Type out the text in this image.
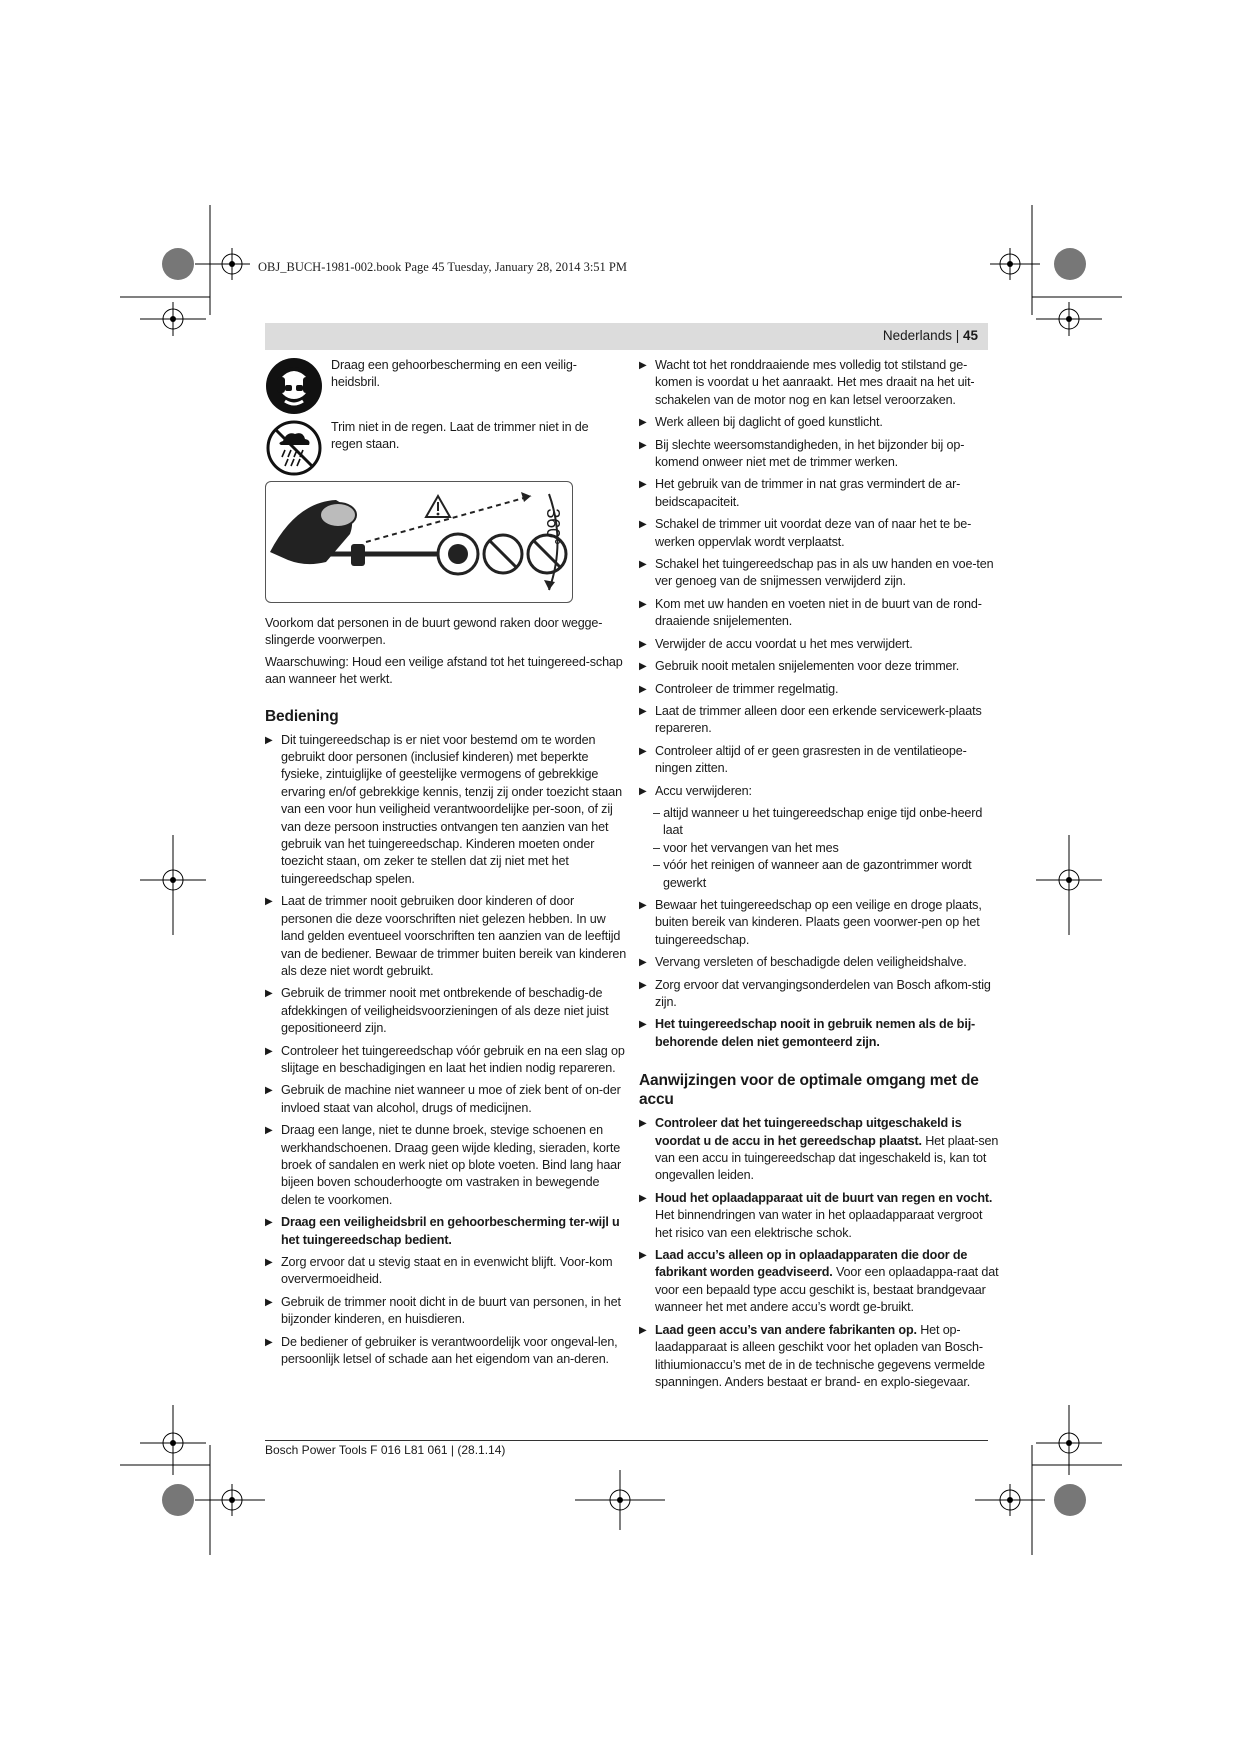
OBJ_BUCH-1981-002.book Page 45 Tuesday, January 28, 2014 3:51 PM
Nederlands | 45
Draag een gehoorbescherming en een veilig-heidsbril.
Trim niet in de regen. Laat de trimmer niet in de regen staan.
360°
Voorkom dat personen in de buurt gewond raken door wegge-slingerde voorwerpen.
Waarschuwing: Houd een veilige afstand tot het tuingereed-schap aan wanneer het werkt.
Bediening
▶ Dit tuingereedschap is er niet voor bestemd om te worden gebruikt door personen (inclusief kinderen) met beperkte fysieke, zintuiglijke of geestelijke vermogens of gebrekkige ervaring en/of gebrekkige kennis, tenzij zij onder toezicht staan van een voor hun veiligheid verantwoordelijke per-soon, of zij van deze persoon instructies ontvangen ten aanzien van het gebruik van het tuingereedschap. Kinderen moeten onder toezicht staan, om zeker te stellen dat zij niet met het tuingereedschap spelen.
▶ Laat de trimmer nooit gebruiken door kinderen of door personen die deze voorschriften niet gelezen hebben. In uw land gelden eventueel voorschriften ten aanzien van de leeftijd van de bediener. Bewaar de trimmer buiten bereik van kinderen als deze niet wordt gebruikt.
▶ Gebruik de trimmer nooit met ontbrekende of beschadig-de afdekkingen of veiligheidsvoorzieningen of als deze niet juist gepositioneerd zijn.
▶ Controleer het tuingereedschap vóór gebruik en na een slag op slijtage en beschadigingen en laat het indien nodig repareren.
▶ Gebruik de machine niet wanneer u moe of ziek bent of on-der invloed staat van alcohol, drugs of medicijnen.
▶ Draag een lange, niet te dunne broek, stevige schoenen en werkhandschoenen. Draag geen wijde kleding, sieraden, korte broek of sandalen en werk niet op blote voeten. Bind lang haar bijeen boven schouderhoogte om vastraken in bewegende delen te voorkomen.
▶ Draag een veiligheidsbril en gehoorbescherming ter-wijl u het tuingereedschap bedient.
▶ Zorg ervoor dat u stevig staat en in evenwicht blijft. Voor-kom oververmoeidheid.
▶ Gebruik de trimmer nooit dicht in de buurt van personen, in het bijzonder kinderen, en huisdieren.
▶ De bediener of gebruiker is verantwoordelijk voor ongeval-len, persoonlijk letsel of schade aan het eigendom van an-deren.
▶ Wacht tot het ronddraaiende mes volledig tot stilstand ge-komen is voordat u het aanraakt. Het mes draait na het uit-schakelen van de motor nog en kan letsel veroorzaken.
▶ Werk alleen bij daglicht of goed kunstlicht.
▶ Bij slechte weersomstandigheden, in het bijzonder bij op-komend onweer niet met de trimmer werken.
▶ Het gebruik van de trimmer in nat gras vermindert de ar-beidscapaciteit.
▶ Schakel de trimmer uit voordat deze van of naar het te be-werken oppervlak wordt verplaatst.
▶ Schakel het tuingereedschap pas in als uw handen en voe-ten ver genoeg van de snijmessen verwijderd zijn.
▶ Kom met uw handen en voeten niet in de buurt van de rond-draaiende snijelementen.
▶ Verwijder de accu voordat u het mes verwijdert.
▶ Gebruik nooit metalen snijelementen voor deze trimmer.
▶ Controleer de trimmer regelmatig.
▶ Laat de trimmer alleen door een erkende servicewerk-plaats repareren.
▶ Controleer altijd of er geen grasresten in de ventilatieope-ningen zitten.
▶ Accu verwijderen:
– altijd wanneer u het tuingereedschap enige tijd onbe-heerd laat
– voor het vervangen van het mes
– vóór het reinigen of wanneer aan de gazontrimmer wordt gewerkt
▶ Bewaar het tuingereedschap op een veilige en droge plaats, buiten bereik van kinderen. Plaats geen voorwer-pen op het tuingereedschap.
▶ Vervang versleten of beschadigde delen veiligheidshalve.
▶ Zorg ervoor dat vervangingsonderdelen van Bosch afkom-stig zijn.
▶ Het tuingereedschap nooit in gebruik nemen als de bij-behorende delen niet gemonteerd zijn.
Aanwijzingen voor de optimale omgang met de accu
▶ Controleer dat het tuingereedschap uitgeschakeld is voordat u de accu in het gereedschap plaatst. Het plaat-sen van een accu in tuingereedschap dat ingeschakeld is, kan tot ongevallen leiden.
▶ Houd het oplaadapparaat uit de buurt van regen en vocht. Het binnendringen van water in het oplaadapparaat vergroot het risico van een elektrische schok.
▶ Laad accu’s alleen op in oplaadapparaten die door de fabrikant worden geadviseerd. Voor een oplaadappa-raat dat voor een bepaald type accu geschikt is, bestaat brandgevaar wanneer het met andere accu’s wordt ge-bruikt.
▶ Laad geen accu’s van andere fabrikanten op. Het op-laadapparaat is alleen geschikt voor het opladen van Bosch-lithiumionaccu’s met de in de technische gegevens vermelde spanningen. Anders bestaat er brand- en explo-siegevaar.
Bosch Power Tools F 016 L81 061 | (28.1.14)
